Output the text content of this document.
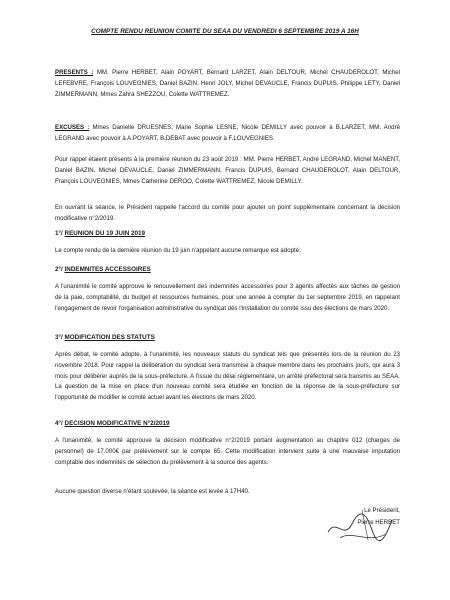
COMPTE RENDU REUNION COMITE DU SEAA DU VENDREDI 6 SEPTEMBRE 2019 A 16H

PRESENTS : MM. Pierre HERBET, Alain POYART, Bernard LARZET, Alain DELTOUR, Michel CHAUDEROLOT, Michel LEFEBVRE, François LOUVEGNIES, Daniel BAZIN, Henri JOLY, Michel DEVAUCLE, Francis DUPUIS, Philippe LETY, Daniel ZIMMERMANN, Mmes Zahra SHEZZOU, Colette WATTREMEZ.

EXCUSES : Mmes Danielle DRUESNES, Marie Sophie LESNE, Nicole DEMILLY avec pouvoir à B.LARZET, MM. André LEGRAND avec pouvoir à A.POYART, B.DEBAT avec pouvoir à F.LOUVEGNIES.

Pour rappel étaient présents à la première réunion du 23 août 2019 : MM. Pierre HERBET, André LEGRAND, Michel MANENT, Daniel BAZIN, Michel DEVAUCLE, Daniel ZIMMERMANN, Francis DUPUIS, Bernard CHAUDEROLOT, Alain DELTOUR, François LOUVEGNIES, Mmes Catherine DEROO, Colette WATTREMEZ, Nicole DEMILLY.

En ouvrant la séance, le Président rappelle l'accord du comité pour ajouter un point supplémentaire concernant la décision modificative n°2/2019.

1°/ REUNION DU 19 JUIN 2019

Le compte rendu de la dernière réunion du 19 juin n'appelant aucune remarque est adopté.

2°/ INDEMNITES ACCESSOIRES

A l'unanimité le comité approuve le renouvellement des indemnités accessoires pour 3 agents affectés aux tâches de gestion de la paie, comptabilité, du budget et ressources humaines, pour une année à compter du 1er septembre 2019, en rappelant l'engagement de revoir l'organisation administrative du syndicat dès l'installation du comité issu des élections de mars 2020.

3°/ MODIFICATION DES STATUTS

Après débat, le comité adopte, à l'unanimité, les nouveaux statuts du syndicat tels que présentés lors de la réunion du 23 novembre 2018. Pour rappel la délibération du syndicat sera transmise à chaque membre dans les prochains jours, qui aura 3 mois pour délibérer auprès de la sous-préfecture. A l'issue du délai réglementaire, un arrêté préfectoral sera transmis au SEAA. La question de la mise en place d'un nouveau comité sera étudiée en fonction de la réponse de la sous-préfecture sur l'opportunité de modifier le comité actuel avant les élections de mars 2020.

4°/ DECISION MODIFICATIVE N°2/2019

A l'unanimité, le comité approuve la décision modificative n°2/2019 portant augmentation au chapitre 012 (charges de personnel) de 17.000€ par prélèvement sur le compte 65. Cette modification intervient suite à une mauvaise imputation comptable des indemnités de sélection du prélèvement à la source des agents.

Aucune question diverse n'étant soulevée, la séance est levée à 17H40.

Le Président,
Pierre HERBET
